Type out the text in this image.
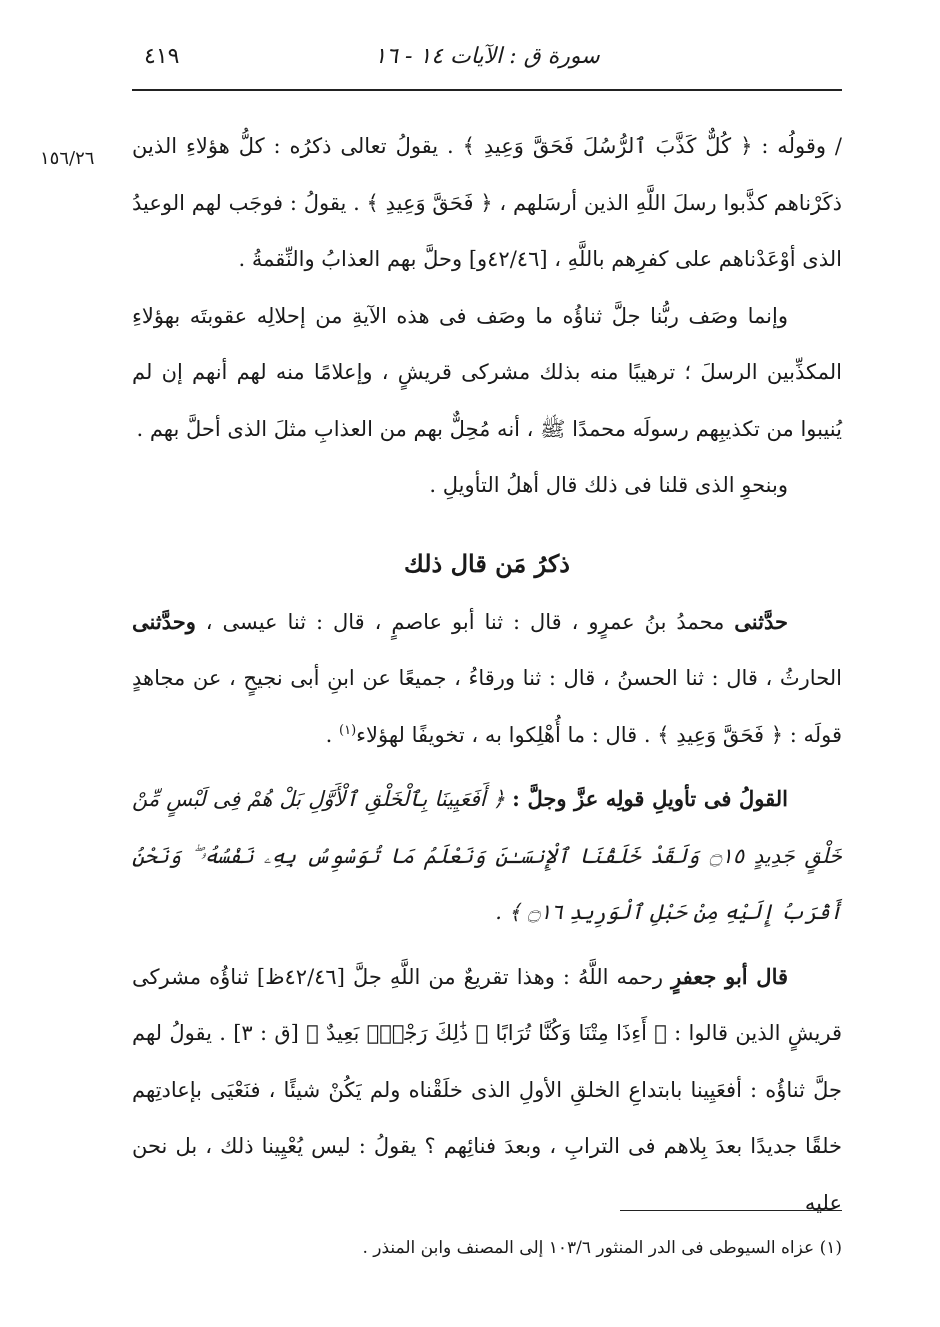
سورة ق : الآيات ١٤ - ١٦
٤١٩
١٥٦/٢٦

/ وقولُه : ﴿ كُلٌّ كَذَّبَ ٱلرُّسُلَ فَحَقَّ وَعِيدِ ﴾ . يقولُ تعالى ذكرُه : كلُّ هؤلاءِ الذين ذكَرْناهم كذَّبوا رسلَ اللَّهِ الذين أرسَلهم ، ﴿ فَحَقَّ وَعِيدِ ﴾ . يقولُ : فوجَب لهم الوعيدُ الذى أوْعَدْناهم على كفرِهم باللَّهِ ، [٤٢/٤٦و] وحلَّ بهم العذابُ والنِّقمةُ .

وإنما وصَف ربُّنا جلَّ ثناؤُه ما وصَف فى هذه الآيةِ من إحلالِه عقوبتَه بهؤلاءِ المكذِّبين الرسلَ ؛ ترهيبًا منه بذلك مشركى قريشٍ ، وإعلامًا منه لهم أنهم إن لم يُنيبوا من تكذيبِهم رسولَه محمدًا ﷺ ، أنه مُحِلٌّ بهم من العذابِ مثلَ الذى أحلَّ بهم .

وبنحوِ الذى قلنا فى ذلك قال أهلُ التأويلِ .

ذكرُ مَن قال ذلك

حدَّثنى محمدُ بنُ عمرٍو ، قال : ثنا أبو عاصمٍ ، قال : ثنا عيسى ، وحدَّثنى الحارثُ ، قال : ثنا الحسنُ ، قال : ثنا ورقاءُ ، جميعًا عن ابنِ أبى نجيحٍ ، عن مجاهدٍ قولَه : ﴿ فَحَقَّ وَعِيدِ ﴾ . قال : ما أُهْلِكوا به ، تخويفًا لهؤلاء$^{(١)}$ .

القولُ فى تأويلِ قولِه عزَّ وجلَّ : ﴿ أَفَعَيِينَا بِٱلْخَلْقِ ٱلْأَوَّلِ بَلْ هُمْ فِى لَبْسٍ مِّنْ خَلْقٍ جَدِيدٍ ۝١٥ وَلَقَدْ خَلَقْنَا ٱلْإِنسَـٰنَ وَنَعْلَمُ مَا تُوَسْوِسُ بِهِۦ نَفْسُهُۥ ۖ وَنَحْنُ أَقْرَبُ إِلَيْهِ مِنْ حَبْلِ ٱلْوَرِيدِ ۝١٦ ﴾ .

قال أبو جعفرٍ رحمه اللَّهُ : وهذا تقريعٌ من اللَّهِ جلَّ [٤٢/٤٦ظ] ثناؤُه مشركى قريشٍ الذين قالوا : ﴿ أَءِذَا مِتْنَا وَكُنَّا تُرَابًا ۖ ذَٰلِكَ رَجْعٌۢ بَعِيدٌ ﴾ [ق : ٣] . يقولُ لهم جلَّ ثناؤُه : أفعَيِينا بابتداعِ الخلقِ الأولِ الذى خلَقْناه ولم يَكُنْ شيئًا ، فنَعْيَى بإعادتِهم خلقًا جديدًا بعدَ بِلاهم فى الترابِ ، وبعدَ فنائِهم ؟ يقولُ : ليس يُعْيِينا ذلك ، بل نحن عليه

(١) عزاه السيوطى فى الدر المنثور ١٠٣/٦ إلى المصنف وابن المنذر .
